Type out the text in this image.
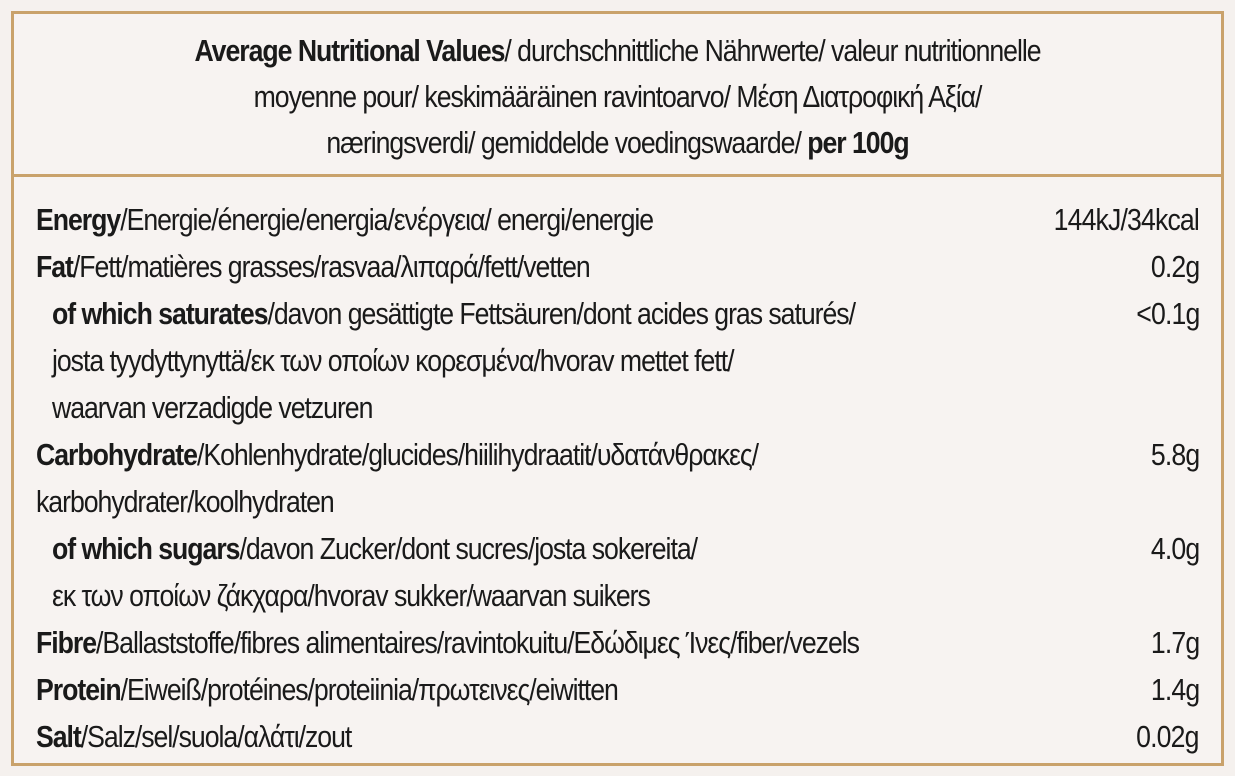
Average Nutritional Values/ durchschnittliche Nährwerte/ valeur nutritionnelle
moyenne pour/ keskimääräinen ravintoarvo/ Μέση Διατροφική Αξία/
næringsverdi/ gemiddelde voedingswaarde/ per 100g
Energy/Energie/énergie/energia/ενέργεια/ energi/energie	144kJ/34kcal
Fat/Fett/matières grasses/rasvaa/λιπαρά/fett/vetten	0.2g
of which saturates/davon gesättigte Fettsäuren/dont acides gras saturés/	<0.1g
josta tyydyttynyttä/εκ των οποίων κορεσμένα/hvorav mettet fett/
waarvan verzadigde vetzuren
Carbohydrate/Kohlenhydrate/glucides/hiilihydraatit/υδατάνθρακες/	5.8g
karbohydrater/koolhydraten
of which sugars/davon Zucker/dont sucres/josta sokereita/	4.0g
εκ των οποίων ζάκχαρα/hvorav sukker/waarvan suikers
Fibre/Ballaststoffe/fibres alimentaires/ravintokuitu/Εδώδιμες Ίνες/fiber/vezels	1.7g
Protein/Eiweiß/protéines/proteiinia/πρωτεινες/eiwitten	1.4g
Salt/Salz/sel/suola/αλάτι/zout	0.02g
